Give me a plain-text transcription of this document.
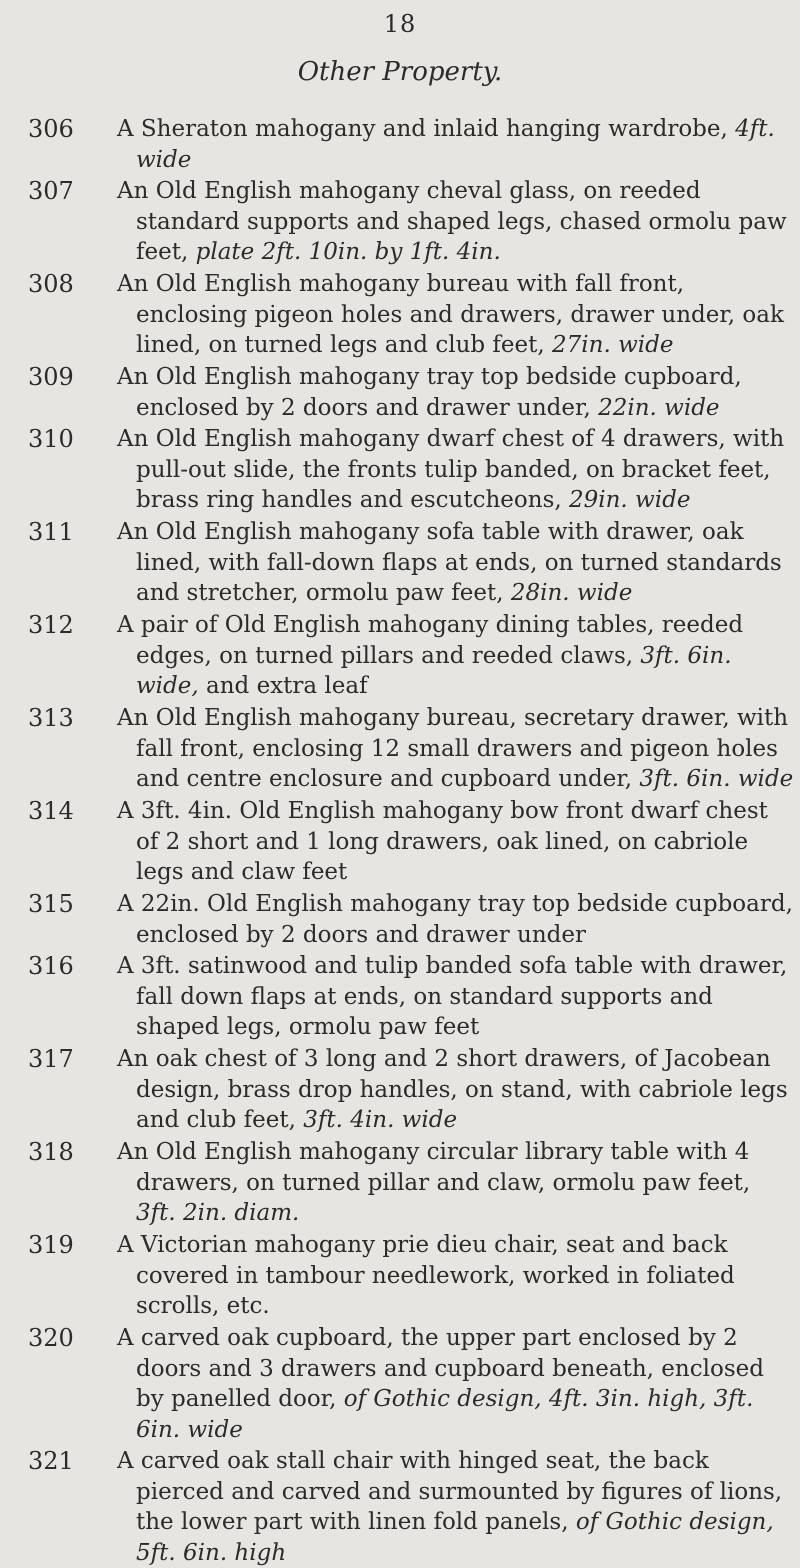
18
Other Property.
306 A Sheraton mahogany and inlaid hanging wardrobe, 4ft. wide
307 An Old English mahogany cheval glass, on reeded standard supports and shaped legs, chased ormolu paw feet, plate 2ft. 10in. by 1ft. 4in.
308 An Old English mahogany bureau with fall front, enclosing pigeon holes and drawers, drawer under, oak lined, on turned legs and club feet, 27in. wide
309 An Old English mahogany tray top bedside cupboard, enclosed by 2 doors and drawer under, 22in. wide
310 An Old English mahogany dwarf chest of 4 drawers, with pull-out slide, the fronts tulip banded, on bracket feet, brass ring handles and escutcheons, 29in. wide
311 An Old English mahogany sofa table with drawer, oak lined, with fall-down flaps at ends, on turned standards and stretcher, ormolu paw feet, 28in. wide
312 A pair of Old English mahogany dining tables, reeded edges, on turned pillars and reeded claws, 3ft. 6in. wide, and extra leaf
313 An Old English mahogany bureau, secretary drawer, with fall front, enclosing 12 small drawers and pigeon holes and centre enclosure and cupboard under, 3ft. 6in. wide
314 A 3ft. 4in. Old English mahogany bow front dwarf chest of 2 short and 1 long drawers, oak lined, on cabriole legs and claw feet
315 A 22in. Old English mahogany tray top bedside cupboard, enclosed by 2 doors and drawer under
316 A 3ft. satinwood and tulip banded sofa table with drawer, fall down flaps at ends, on standard supports and shaped legs, ormolu paw feet
317 An oak chest of 3 long and 2 short drawers, of Jacobean design, brass drop handles, on stand, with cabriole legs and club feet, 3ft. 4in. wide
318 An Old English mahogany circular library table with 4 drawers, on turned pillar and claw, ormolu paw feet, 3ft. 2in. diam.
319 A Victorian mahogany prie dieu chair, seat and back covered in tambour needlework, worked in foliated scrolls, etc.
320 A carved oak cupboard, the upper part enclosed by 2 doors and 3 drawers and cupboard beneath, enclosed by panelled door, of Gothic design, 4ft. 3in. high, 3ft. 6in. wide
321 A carved oak stall chair with hinged seat, the back pierced and carved and surmounted by figures of lions, the lower part with linen fold panels, of Gothic design, 5ft. 6in. high
